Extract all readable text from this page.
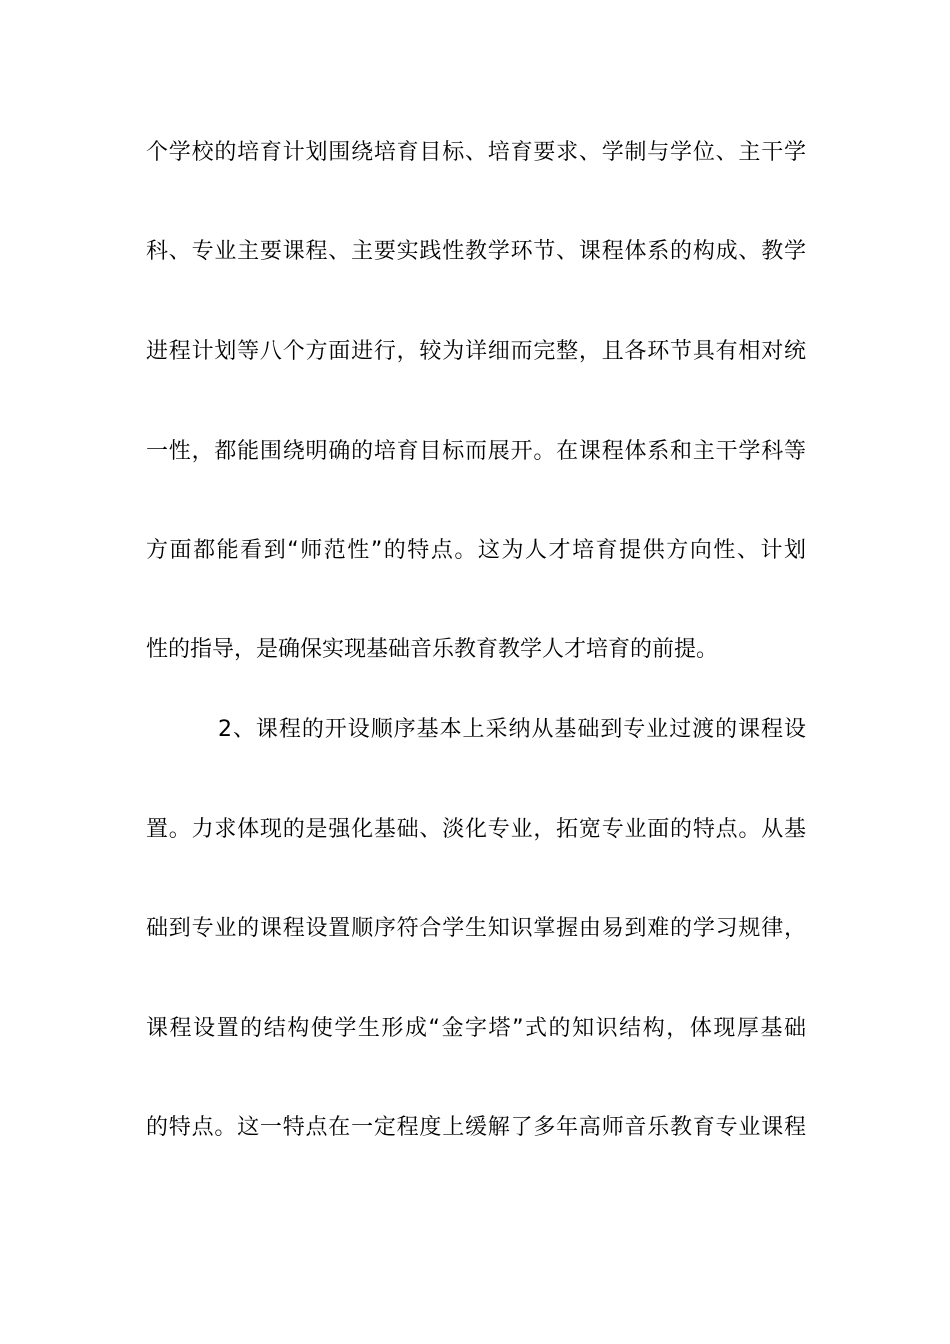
个学校的培育计划围绕培育目标、培育要求、学制与学位、主干学
科、专业主要课程、主要实践性教学环节、课程体系的构成、教学
进程计划等八个方面进行，较为详细而完整，且各环节具有相对统
一性，都能围绕明确的培育目标而展开。在课程体系和主干学科等
方面都能看到“师范性”的特点。这为人才培育提供方向性、计划
性的指导，是确保实现基础音乐教育教学人才培育的前提。
2、课程的开设顺序基本上采纳从基础到专业过渡的课程设
置。力求体现的是强化基础、淡化专业，拓宽专业面的特点。从基
础到专业的课程设置顺序符合学生知识掌握由易到难的学习规律，
课程设置的结构使学生形成“金字塔”式的知识结构，体现厚基础
的特点。这一特点在一定程度上缓解了多年高师音乐教育专业课程
